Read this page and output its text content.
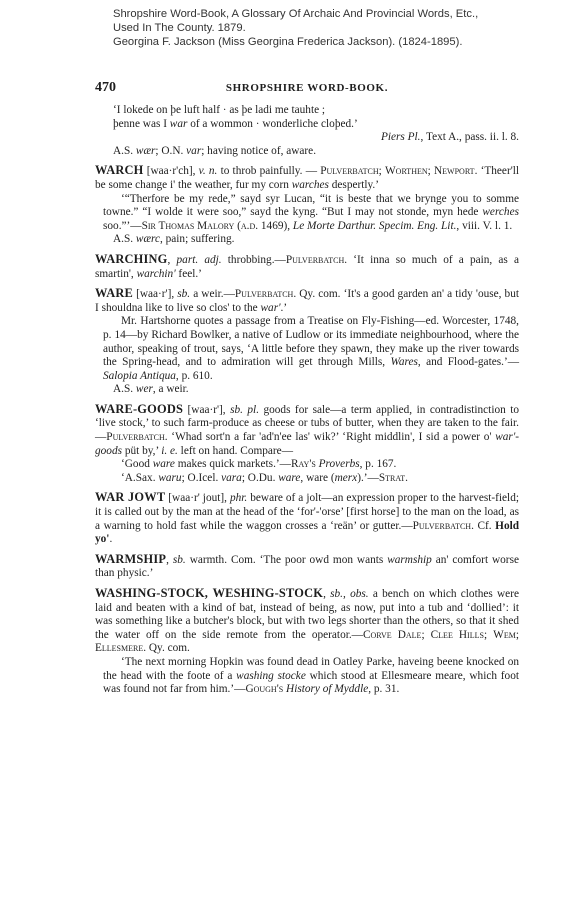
Shropshire Word-Book, A Glossary Of Archaic And Provincial Words, Etc.,
Used In The County. 1879.
Georgina F. Jackson (Miss Georgina Frederica Jackson). (1824-1895).
470	SHROPSHIRE WORD-BOOK.

‘I lokede on þe luft half · as þe ladi me tauhte ;

þenne was I war of a wommon · wonderliche cloþed.’

Piers Pl., Text A., pass. ii. l. 8.

A.S. wær; O.N. var; having notice of, aware.

WARCH [waa·r'ch], v. n. to throb painfully. — Pulverbatch; Worthen; Newport. ‘Theer'll be some change i' the weather, fur my corn warches despertly.’

‘“Therfore be my rede,” sayd syr Lucan, “it is beste that we brynge you to somme towne.” “I wolde it were soo,” sayd the kyng. “But I may not stonde, myn hede werches soo.”’—Sir Thomas Malory (a.d. 1469), Le Morte Darthur. Specim. Eng. Lit., viii. V. l. 1.

A.S. wærc, pain; suffering.

WARCHING, part. adj. throbbing.—Pulverbatch. ‘It inna so much of a pain, as a smartin', warchin' feel.’

WARE [waa·r'], sb. a weir.—Pulverbatch. Qy. com. ‘It's a good garden an' a tidy 'ouse, but I shouldna like to live so clos' to the war'.’

Mr. Hartshorne quotes a passage from a Treatise on Fly-Fishing—ed. Worcester, 1748, p. 14—by Richard Bowlker, a native of Ludlow or its immediate neighbourhood, where the author, speaking of trout, says, ‘A little before they spawn, they make up the river towards the Spring-head, and to admiration will get through Mills, Wares, and Flood-gates.’—Salopia Antiqua, p. 610.

A.S. wer, a weir.

WARE-GOODS [waa·r'], sb. pl. goods for sale—a term applied, in contradistinction to ‘live stock,’ to such farm-produce as cheese or tubs of butter, when they are taken to the fair.—Pulverbatch. ‘Whad sort'n a far 'ad'n'ee las' wik?’ ‘Right middlin', I sid a power o' war'-goods püt by,’ i. e. left on hand. Compare—

‘Good ware makes quick markets.’—Ray's Proverbs, p. 167.

‘A.Sax. waru; O.Icel. vara; O.Du. ware, ware (merx).’—Strat.

WAR JOWT [waa·r' jout], phr. beware of a jolt—an expression proper to the harvest-field; it is called out by the man at the head of the ‘for'-'orse’ [first horse] to the man on the load, as a warning to hold fast while the waggon crosses a ‘reän’ or gutter.—Pulverbatch. Cf. Hold yo'.

WARMSHIP, sb. warmth. Com. ‘The poor owd mon wants warmship an' comfort worse than physic.’

WASHING-STOCK, WESHING-STOCK, sb., obs. a bench on which clothes were laid and beaten with a kind of bat, instead of being, as now, put into a tub and ‘dollied’: it was something like a butcher's block, but with two legs shorter than the others, so that it shed the water off on the side remote from the operator.—Corve Dale; Clee Hills; Wem; Ellesmere. Qy. com.

‘The next morning Hopkin was found dead in Oatley Parke, haveing beene knocked on the head with the foote of a washing stocke which stood at Ellesmeare meare, which foot was found not far from him.’—Gough's History of Myddle, p. 31.
